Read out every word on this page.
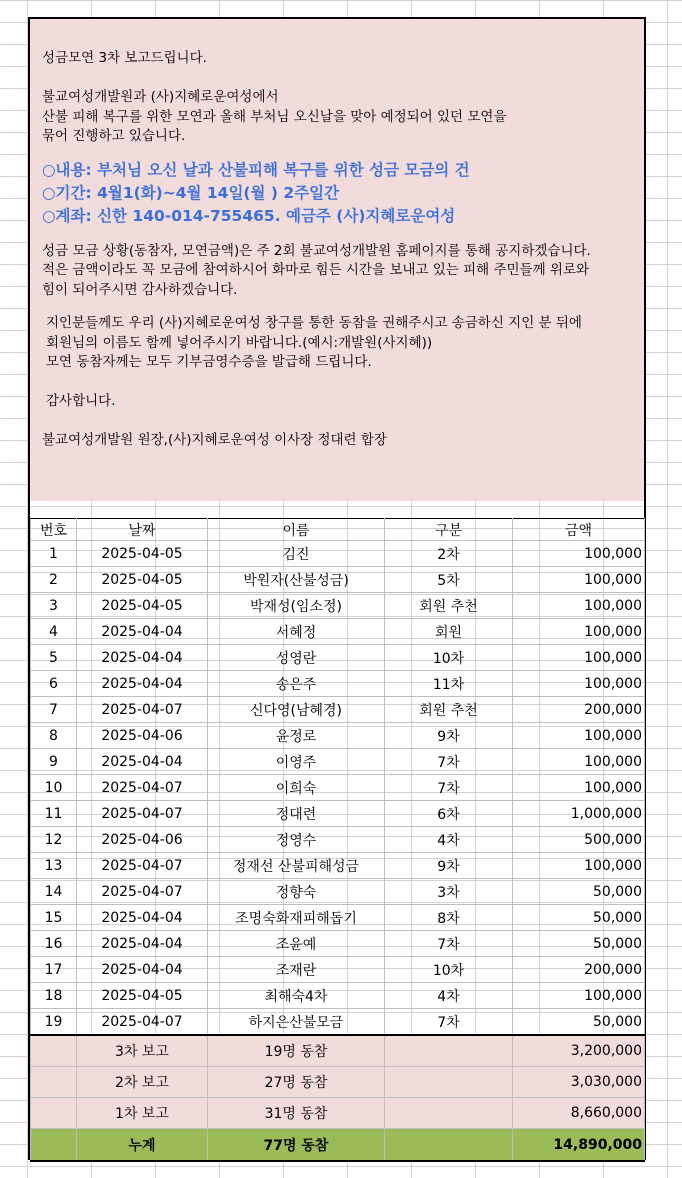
성금모연 3차 보고드립니다.

불교여성개발원과 (사)지혜로운여성에서

산불 피해 복구를 위한 모연과 올해 부처님 오신날을 맞아 예정되어 있던 모연을

묶어 진행하고 있습니다.

○내용: 부처님 오신 날과 산불피해 복구를 위한 성금 모금의 건

○기간: 4월1(화)~4월 14일(월 ) 2주일간

○계좌: 신한 140-014-755465. 예금주 (사)지혜로운여성

성금 모금 상황(동참자, 모연금액)은 주 2회 불교여성개발원 홈페이지를 통해 공지하겠습니다.

적은 금액이라도 꼭 모금에 참여하시어 화마로 힘든 시간을 보내고 있는 피해 주민들께 위로와

힘이 되어주시면 감사하겠습니다.

지인분들께도 우리 (사)지혜로운여성 창구를 통한 동참을 권해주시고 송금하신 지인 분 뒤에

회원님의 이름도 함께 넣어주시기 바랍니다.(예시:개발원(사지혜))

모연 동참자께는 모두 기부금영수증을 발급해 드립니다.

감사합니다.

불교여성개발원 원장,(사)지혜로운여성 이사장 정대련 합장

번호	날짜	이름	구분	금액
1	2025-04-05	김진	2차	100,000
2	2025-04-05	박원자(산불성금)	5차	100,000
3	2025-04-05	박재성(임소정)	회원 추천	100,000
4	2025-04-04	서혜정	회원	100,000
5	2025-04-04	성영란	10차	100,000
6	2025-04-04	송은주	11차	100,000
7	2025-04-07	신다영(남혜경)	회원 추천	200,000
8	2025-04-06	윤정로	9차	100,000
9	2025-04-04	이영주	7차	100,000
10	2025-04-07	이희숙	7차	100,000
11	2025-04-07	정대련	6차	1,000,000
12	2025-04-06	정영수	4차	500,000
13	2025-04-07	정재선 산불피해성금	9차	100,000
14	2025-04-07	정향숙	3차	50,000
15	2025-04-04	조명숙화재피해돕기	8차	50,000
16	2025-04-04	조윤예	7차	50,000
17	2025-04-04	조재란	10차	200,000
18	2025-04-05	최해숙4차	4차	100,000
19	2025-04-07	하지은산불모금	7차	50,000
	3차 보고	19명 동참		3,200,000
	2차 보고	27명 동참		3,030,000
	1차 보고	31명 동참		8,660,000
	누계	77명 동참		14,890,000
